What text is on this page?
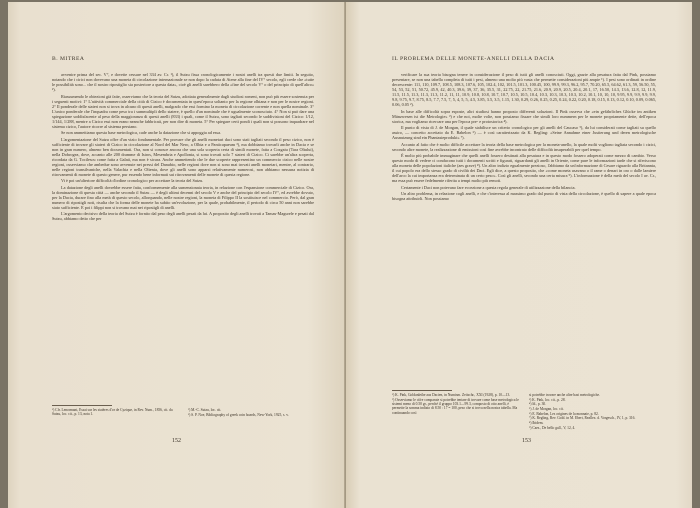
B. MITREA

avvenire prima del sec. V°, e dovette cessare nel 334 av. Cr. ¹), il Sutzu fissa cronologicamente i nostri anelli tra questi due limiti. In seguito, notando che i cirici non dovevano una moneta di circolazione internazionale se non dopo la caduta di Atene alla fine del IV° secolo, egli crede che «tutte le possibilità sono... che il nostro ripostiglio sia posteriore a questa data», cioè gli anelli sarebbero della «fine del secolo V° o del principio di quell'altro» ²).

Riassumendo le obiezioni già fatte, osserviamo che la teoria del Sutzu, adottata generalmente dagli studiosi romeni, non può più essere sostenuta per i seguenti motivi: 1° L'attività commerciale della città di Cizico è documentata in quest'epoca soltanto per la regione olbiana e non per le nostre regioni. 2° Il ponderale delle stateri non si trova in alcuno di questi anelli, malgrado che essi formino la moneta di circolazione corrente e non quella nominale. 3° L'unico ponderale che l'inquadra come peso tra i summultipli dello statere, è quello d'un nominale che è ugualmente sconosciuto. 4° Non si può dare una spiegazione soddisfacente al peso della maggioranza di questi anelli (833) i quali, come il Sutzu, sono tagliati secondo le suddivisioni del Cizico: 1/12, 1/144, 1/288, mentre a Cizico essi non erano neanche fabbricati, per non dire di moneta. 5° Per spiegare certi pondi i quali non si possono inquadrare nel sistema cizico, l'autore ricorre al sistema persiano.

Se non ammettiamo questa base metrologica, cade anche la datazione che si appoggia ad essa.

L'argomentazione del Sutzu offre d'un vizio fondamentale. Per provare che gli anelli monetari daci sono stati tagliati secondo il peso cizico, non è sufficiente di trovare gli stateri di Cizico in circolazione al Nord del Mar Nero, a Olbia e a Panticapaeum ³), ma dobbiamo trovarli anche in Dacia e se non in gran numero, almeno ben documentati. Ora, non si conosce ancora che una sola scoperta certa di simili monete, fatta a Cozgaiu (Tara Oltului), nella Dobrogea, dove, accanto alle 200 dramme di Istros, Mesembria e Apollonia, si sono trovati solo 7 stateri di Cizico. Ci sarebbe un'altra scoperta, ricordata da G. Tocilescu come fatta a Galati, ma non è sicura. Anche ammettendo che le due scoperte rappresentino un commercio cizico nelle nostre regioni, osserviamo che ambedue sono avvenute nei pressi del Danubio, nelle regioni dove non si sono mai trovati anelli monetari, mentre, al contrario, nelle regioni transilvaniche, nella Valachia e nella Oltenia, dove gli anelli sono apparsi relativamente numerosi, non abbiamo nessuna notizia di ritrovamenti di monete di questo genere, pur essendo bene informati sui ritrovamenti delle monete di questa regione.

Vi è poi un'ulteriore difficoltà d'ordine cronologico per accettare la teoria del Sutzu.

La datazione degli anelli dovrebbe essere fatta, conformemente alla sumenzionata teoria, in relazione con l'espansione commerciale di Cizico. Ora, la dominazione di questa città — anche secondo il Sutzu — è degli ultimi decenni del secolo V e anche del principio del secolo IV°, ed avrebbe dovuto, per la Dacia, durare fino alla metà di questo secolo, allorquando, nelle nostre regioni, la moneta di Filippo II la sostituisce nel commercio. Però, dal gran numero di ripostigli noti, risulta che la forma delle monete ha subito un'evoluzione, per la quale, probabilmente, il periodo di circa 50 anni non sarebbe stato sufficiente. E poi i filippi non si trovano mai nei ripostigli di anelli.

L'argomento decisivo della teoria del Sutzu è fornito dal peso degli anelli pesati da lui. A proposito degli anelli trovati a Tamas-Magurele e pesati dal Sutzu, abbiamo detto che per

¹) Cfr. Lenormant, Essai sur les statères d'or de Cyzique, in Rev. Num., 1856, cit. da Sutzu, loc. cit., p. 13, nota 1.
²) M.-C. Sutzu, loc. cit.
³) S. P. Noe, Bibliography of greek coin hoards, New-York, 1925, s. v.
152
IL PROBLEMA DELLE MONETE-ANELLI DELLA DACIA

verificare la sua teoria bisogna tenere in considerazione il peso di tutti gli anelli conosciuti. Oggi, grazie alla pesatura fatta dal Pink, possiamo presentare, se non una tabella completa di tutti i pesi, almeno una molto più vasta che permette considerazioni più ampie ¹). I pesi sono ordinati in ordine decrescente: 111, 110, 109.7, 108.5, 108.3, 107.6, 105, 102.4, 102, 101.5, 101.3, 100.45, 100, 99.9, 99.3, 96.2, 95.7, 70.20, 65.5, 64.62, 61.3, 59, 56.50, 55, 54, 53, 52, 51, 50.72, 45.9, 42, 40.3, 39.6, 39, 37, 36, 35.5, 31, 22.75, 22, 21.75, 21.6, 20.9, 20.9, 20.5, 20.4, 20.1, 17, 16.50, 14.3, 13.6, 12.8, 12, 11.9, 11.5, 11.5, 11.3, 11.3, 11.3, 11.2, 11, 11, 10.9, 10.8, 10.8, 10.7, 10.7, 10.5, 10.5, 10.4, 10.3, 10.3, 10.3, 10.3, 10.2, 10.1, 10, 10, 10, 9.95, 9.9, 9.9, 9.9, 9.9, 9.8, 9.75, 9.7, 8.75, 8.5, 7.7, 7.5, 7, 5, 4, 5, 5, 4.5, 3.85, 3.5, 3.5, 1.15, 1.30, 0.29, 0.26, 0.25, 0.25, 0.24, 0.22, 0.20, 0.18, 0.15, 0.13, 0.12, 0.10, 0.09, 0.065, 0.06, 0.05 ²).

In base alle difficoltà sopra esposte, altri studiosi hanno proposto differenti soluzioni. Il Pink osserva che «ein gefährliches Glücke im antiken Münzwesen ist die Metrologie» ³) e che noi, molte volte, non possiamo fissare che simili loro nummern per le monete propriamente dette, dell'epoca storica, ma vogliamo ricercare una per l'epoca pre- e protostorica ⁴).

Il punto di vista di J. de Morgan, il quale stabilisce un criterio cronologico per gli anelli del Caucaso ⁵), da lui considerati come tagliati su quello assiro, — concetto accettato da E. Babelon ⁶) — è così caratterizzato da K. Regling: «Seine Annahme einer Justierung und deren metrologische Ausnutzung sind ein Phantasieprodukt» ⁷).

Accanto al fatto che è molto difficile accettare la teoria della base metrologica per la moneta-anello, la quale molti vogliono tagliata secondo i cizici, secondo altre monete, la realizzazione di emissioni così fine avrebbe incontrato delle difficoltà insuperabili per quel tempo.

È molto più probabile immaginare che quelli anelli fossero destinati alla pesatura e in questo modo fossero adoperati come mezzo di cambio. Verso questo modo di vedere ci conducono tutti i documenti scritti e figurati, riguardanti gli anelli in Oriente, come pure le informazioni tarde che si riferiscono alla moneta delle popolazioni italiche (aes grave) ⁸). Un altro indizio egualmente prezioso, l'abbiamo da un'informazione di Cesare riguardo alla Britannia, il cui popolo era dello stesso grado di civiltà dei Daci. Egli dice, a questo proposito, che «come moneta usavano o il rame o denari in oro o dalle lamiere dell'arco la cui importanza era determinata di un certo peso». Così gli anelli, secondo una certa misura ⁹). L'informazione è della metà del secolo I av. Cr., ma essa può essere fedelmente riferita a tempi molto più remoti.

Certamente i Daci non potevano fare eccezione a questa regola generale di utilizzazione della bilancia.

Un altro problema, in relazione cogli anelli, e che c'interessa al massimo grado dal punto di vista della circolazione, è quello di sapere a quale epoca bisogna attribuirli. Non possiamo

¹) K. Pink, Goldanleihe aus Dacien, in Numism. Zeitschr., XXI (1928), p. 10—13.
²) Osserviamo le cifre comparate si potrebbe tentare di trovare come base metrologica le sistemi meno di 0.50 gr., perché il gruppo 103.1—99.3, composto di otto anelli, è permette la somma indizio di 8.50 : 17 = 100, peso che si trova nella nostra tabella. Ma continuando così
si potrebbe trovare anche altre basi metrologiche.
³) K. Pink, loc. cit., p. 28.
⁴) Id., p. 30.
⁵) J. de Morgan, loc. cit.
⁶) E. Babelon, Les origines de la monnaie, p. 82.
⁷) K. Regling, Rev. Gold. in M. Ebert, Reallex. d. Vorgesch., IV, 1, p. 316.
⁸) Ibidem.
⁹) Caes., De bello gall., V, 12, 4.
153
